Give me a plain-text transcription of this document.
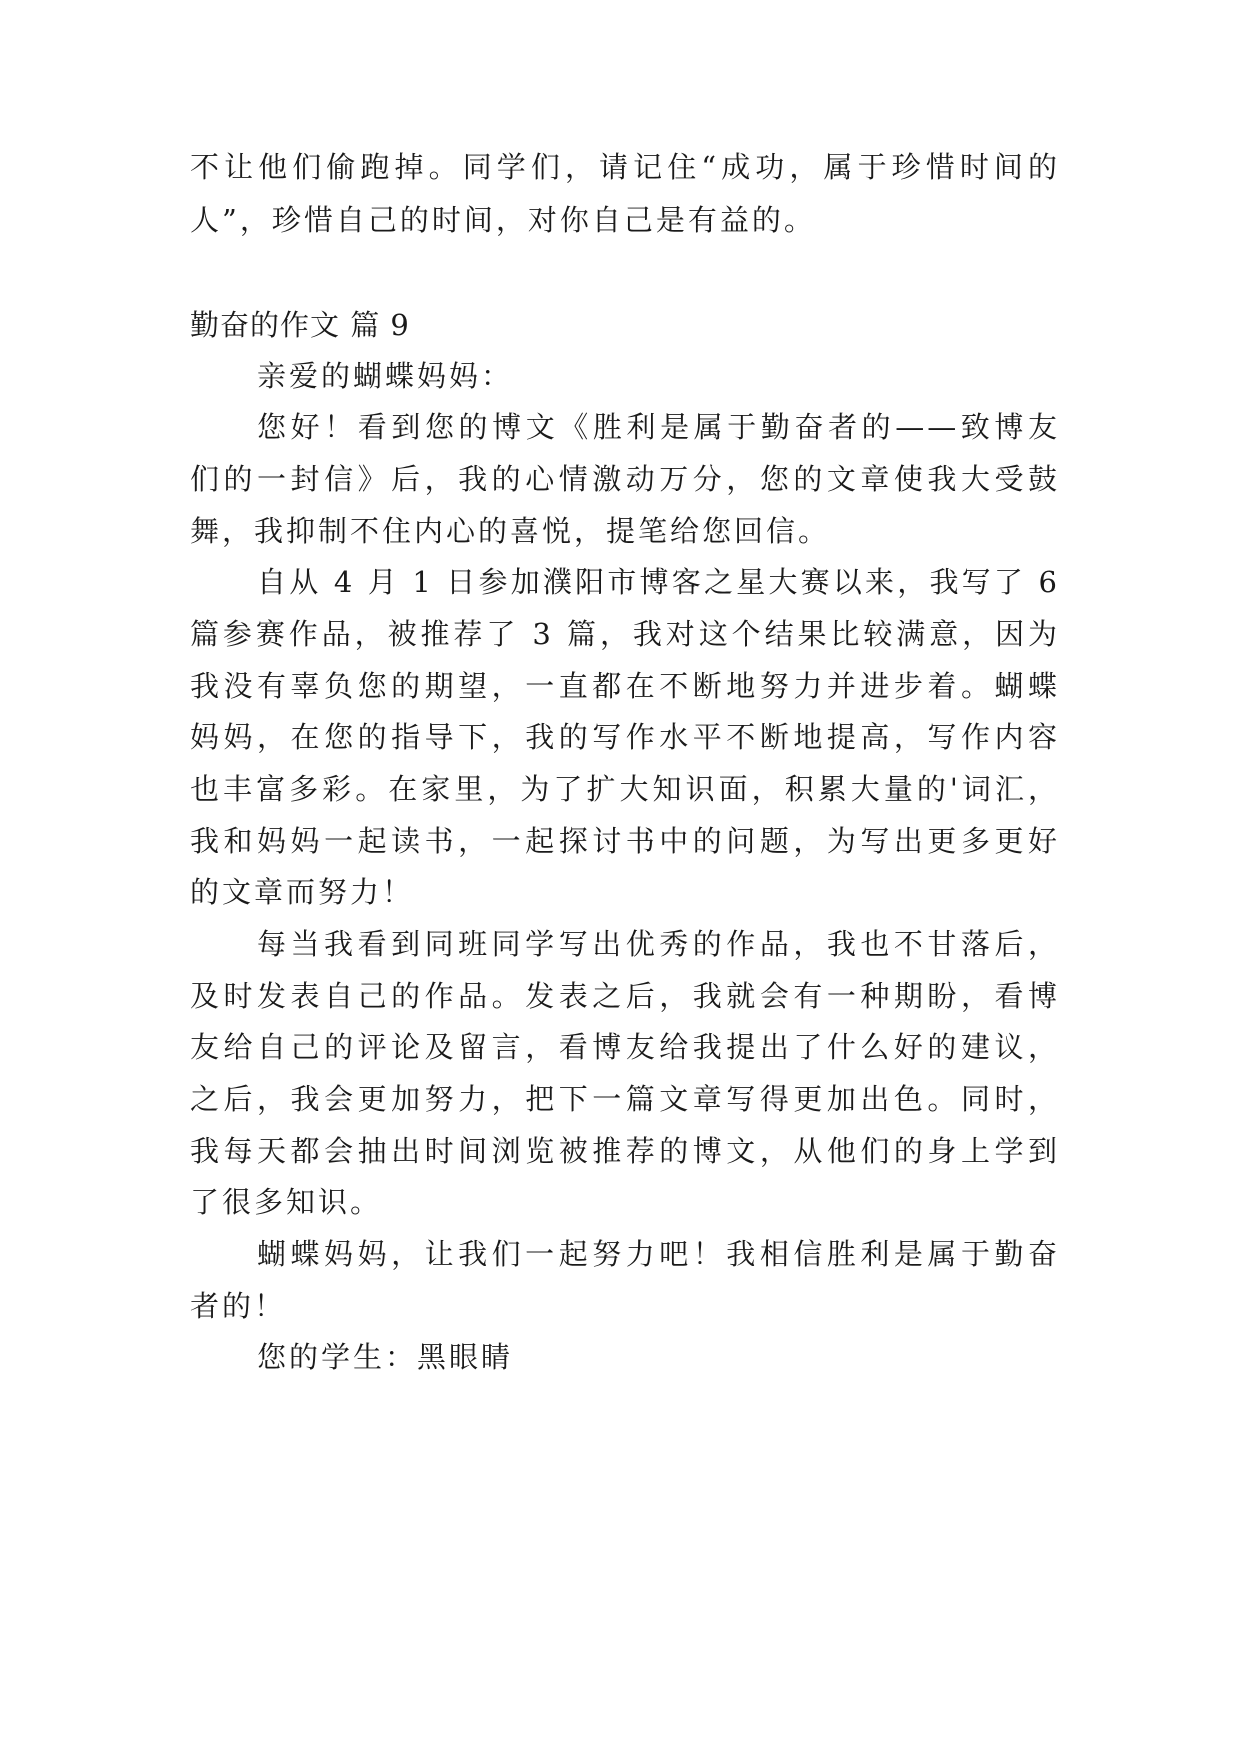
不让他们偷跑掉。同学们，请记住“成功，属于珍惜时间的
人”，珍惜自己的时间，对你自己是有益的。
勤奋的作文 篇 9
亲爱的蝴蝶妈妈：
您好！看到您的博文《胜利是属于勤奋者的——致博友
们的一封信》后，我的心情激动万分，您的文章使我大受鼓
舞，我抑制不住内心的喜悦，提笔给您回信。
自从 4 月 1 日参加濮阳市博客之星大赛以来，我写了 6
篇参赛作品，被推荐了 3 篇，我对这个结果比较满意，因为
我没有辜负您的期望，一直都在不断地努力并进步着。蝴蝶
妈妈，在您的指导下，我的写作水平不断地提高，写作内容
也丰富多彩。在家里，为了扩大知识面，积累大量的'词汇，
我和妈妈一起读书，一起探讨书中的问题，为写出更多更好
的文章而努力！
每当我看到同班同学写出优秀的作品，我也不甘落后，
及时发表自己的作品。发表之后，我就会有一种期盼，看博
友给自己的评论及留言，看博友给我提出了什么好的建议，
之后，我会更加努力，把下一篇文章写得更加出色。同时，
我每天都会抽出时间浏览被推荐的博文，从他们的身上学到
了很多知识。
蝴蝶妈妈，让我们一起努力吧！我相信胜利是属于勤奋
者的！
您的学生：黑眼睛
